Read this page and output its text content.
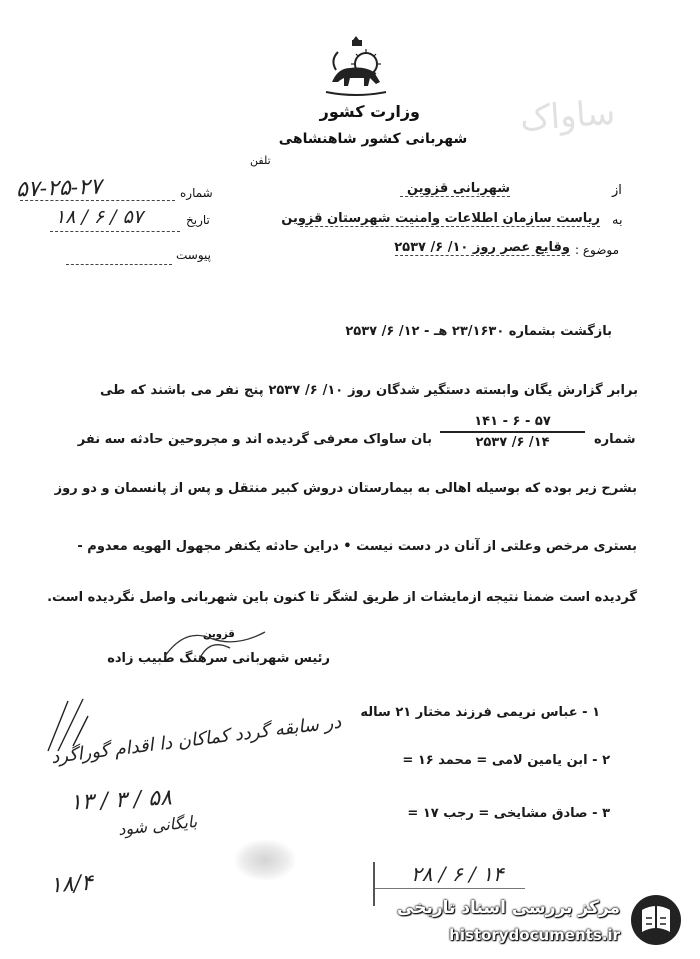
وزارت کشور
شهربانی کشور شاهنشاهی
تلفن
ساواک
شماره
۵۷-۲۵-۲۷
تاریخ
۱۸ / ۶ / ۵۷
پیوست
از
شهربانی قزوین
به
ریاست سازمان اطلاعات وامنیت شهرستان قزوین
موضوع :
وقایع عصر روز ۱۰/ ۶/ ۲۵۳۷
بازگشت بشماره ۲۳/۱۶۳۰ هـ - ۱۲/ ۶/ ۲۵۳۷
برابر گزارش یگان وابسته دستگیر شدگان روز ۱۰/ ۶/ ۲۵۳۷ پنج نفر می باشند که طی
شماره
۵۷ - ۶ - ۱۴۱
۱۴/ ۶/ ۲۵۳۷
بان ساواک معرفی گردیده اند و مجروحین حادثه سه نفر
بشرح زیر بوده که بوسیله اهالی به بیمارستان دروش کبیر منتقل و پس از پانسمان و دو روز
بستری مرخص وعلتی از آنان در دست نیست • دراین حادثه یکنفر مجهول الهویه معدوم -
گردیده است ضمنا نتیجه ازمایشات از طریق لشگر تا کنون باین شهربانی واصل نگردیده است.
قزوین
رئیس شهربانی سرهنگ طبیب زاده
۱ - عباس نریمی فرزند مختار ۲۱ ساله
۲ - ابن یامین لامی = محمد ۱۶ =
۳ - صادق مشایخی = رجب ۱۷ =
در سابقه گردد کماکان دا اقدام گوراگرد
۱۳ / ۳ / ۵۸
بایگانی شود
۱۸/۴	۲۸ / ۶ / ۱۴
مرکز بررسی اسناد تاریخی
historydocuments.ir
